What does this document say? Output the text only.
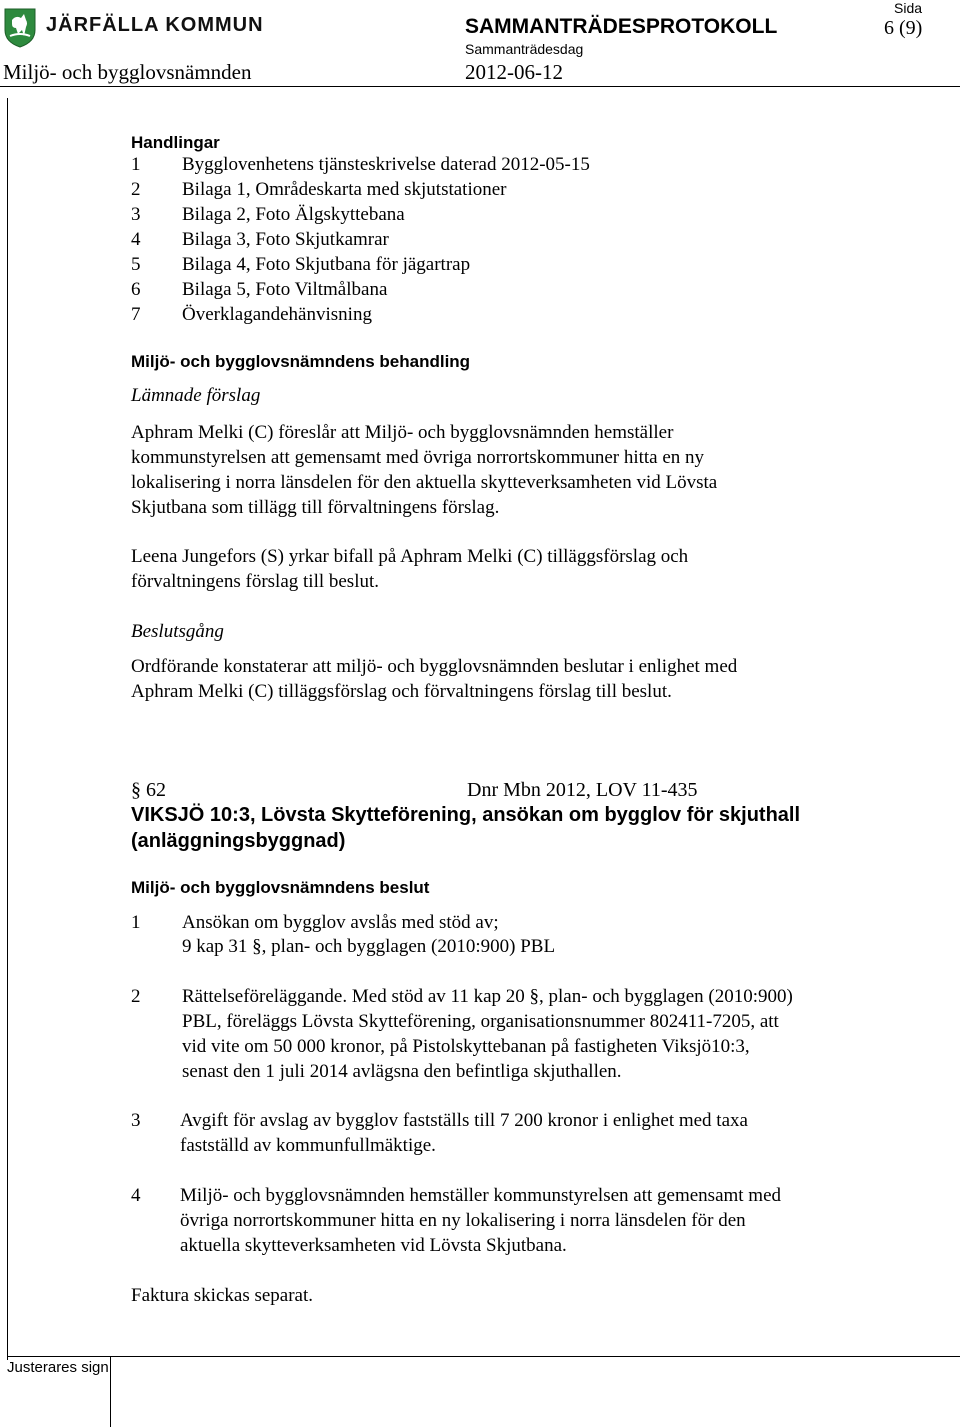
JÄRFÄLLA KOMMUN	SAMMANTRÄDESPROTOKOLL
Sida
6 (9)
Sammanträdesdag
Miljö- och bygglovsnämnden	2012-06-12
Handlingar
1 Bygglovenhetens tjänsteskrivelse daterad 2012-05-15
2 Bilaga 1, Områdeskarta med skjutstationer
3 Bilaga 2, Foto Älgskyttebana
4 Bilaga 3, Foto Skjutkamrar
5 Bilaga 4, Foto Skjutbana för jägartrap
6 Bilaga 5, Foto Viltmålbana
7 Överklagandehänvisning
Miljö- och bygglovsnämndens behandling
Lämnade förslag
Aphram Melki (C) föreslår att Miljö- och bygglovsnämnden hemställer
kommunstyrelsen att gemensamt med övriga norrortskommuner hitta en ny
lokalisering i norra länsdelen för den aktuella skytteverksamheten vid Lövsta
Skjutbana som tillägg till förvaltningens förslag.
Leena Jungefors (S) yrkar bifall på Aphram Melki (C) tilläggsförslag och
förvaltningens förslag till beslut.
Beslutsgång
Ordförande konstaterar att miljö- och bygglovsnämnden beslutar i enlighet med
Aphram Melki (C) tilläggsförslag och förvaltningens förslag till beslut.
§ 62	Dnr Mbn 2012, LOV 11-435
VIKSJÖ 10:3, Lövsta Skytteförening, ansökan om bygglov för skjuthall
(anläggningsbyggnad)
Miljö- och bygglovsnämndens beslut
1 Ansökan om bygglov avslås med stöd av;
9 kap 31 §, plan- och bygglagen (2010:900) PBL
2 Rättelseföreläggande. Med stöd av 11 kap 20 §, plan- och bygglagen (2010:900)
PBL, föreläggs Lövsta Skytteförening, organisationsnummer 802411-7205, att
vid vite om 50 000 kronor, på Pistolskyttebanan på fastigheten Viksjö10:3,
senast den 1 juli 2014 avlägsna den befintliga skjuthallen.
3 Avgift för avslag av bygglov fastställs till 7 200 kronor i enlighet med taxa
fastställd av kommunfullmäktige.
4 Miljö- och bygglovsnämnden hemställer kommunstyrelsen att gemensamt med
övriga norrortskommuner hitta en ny lokalisering i norra länsdelen för den
aktuella skytteverksamheten vid Lövsta Skjutbana.
Faktura skickas separat.
Justerares sign
